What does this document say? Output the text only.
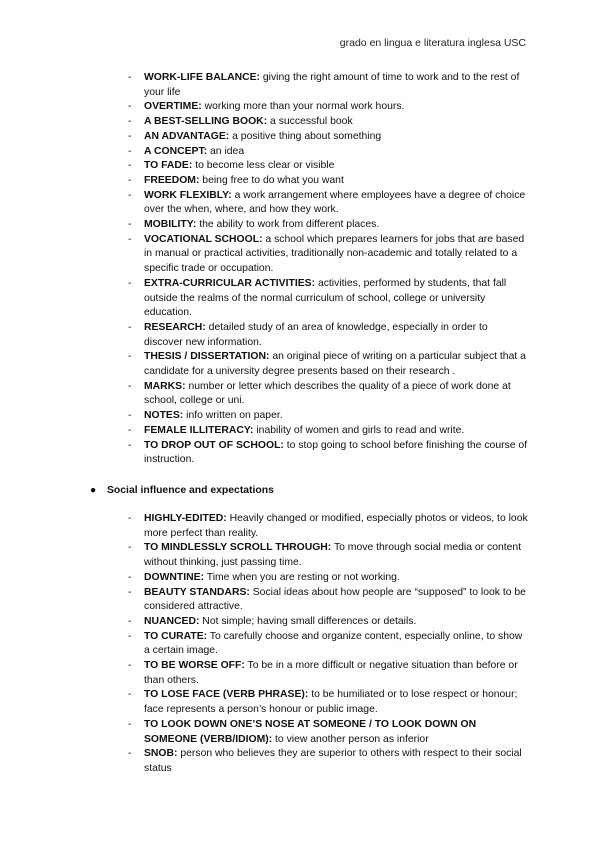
grado en lingua e literatura inglesa USC
- WORK-LIFE BALANCE: giving the right amount of time to work and to the rest of your life
- OVERTIME: working more than your normal work hours.
- A BEST-SELLING BOOK: a successful book
- AN ADVANTAGE: a positive thing about something
- A CONCEPT: an idea
- TO FADE: to become less clear or visible
- FREEDOM: being free to do what you want
- WORK FLEXIBLY: a work arrangement where employees have a degree of choice over the when, where, and how they work.
- MOBILITY: the ability to work from different places.
- VOCATIONAL SCHOOL: a school which prepares learners for jobs that are based in manual or practical activities, traditionally non-academic and totally related to a specific trade or occupation.
- EXTRA-CURRICULAR ACTIVITIES: activities, performed by students, that fall outside the realms of the normal curriculum of school, college or university education.
- RESEARCH: detailed study of an area of knowledge, especially in order to discover new information.
- THESIS / DISSERTATION: an original piece of writing on a particular subject that a candidate for a university degree presents based on their research .
- MARKS: number or letter which describes the quality of a piece of work done at school, college or uni.
- NOTES: info written on paper.
- FEMALE ILLITERACY: inability of women and girls to read and write.
- TO DROP OUT OF SCHOOL: to stop going to school before finishing the course of instruction.
● Social influence and expectations
- HIGHLY-EDITED: Heavily changed or modified, especially photos or videos, to look more perfect than reality.
- TO MINDLESSLY SCROLL THROUGH: To move through social media or content without thinking, just passing time.
- DOWNTINE: Time when you are resting or not working.
- BEAUTY STANDARS: Social ideas about how people are “supposed” to look to be considered attractive.
- NUANCED: Not simple; having small differences or details.
- TO CURATE: To carefully choose and organize content, especially online, to show a certain image.
- TO BE WORSE OFF: To be in a more difficult or negative situation than before or than others.
- TO LOSE FACE (VERB PHRASE): to be humiliated or to lose respect or honour; face represents a person’s honour or public image.
- TO LOOK DOWN ONE’S NOSE AT SOMEONE / TO LOOK DOWN ON SOMEONE (VERB/IDIOM): to view another person as inferior
- SNOB: person who believes they are superior to others with respect to their social status
